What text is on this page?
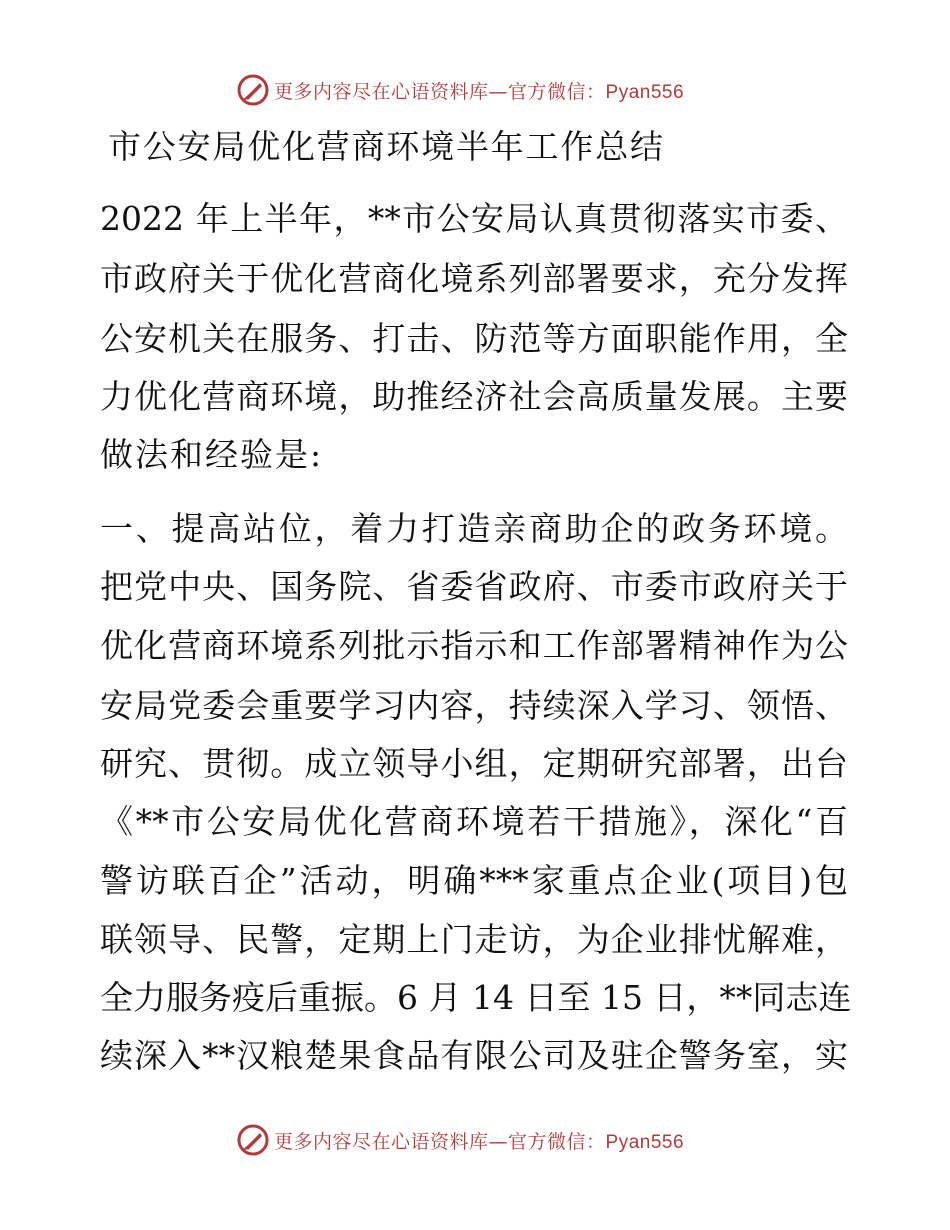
更多内容尽在心语资料库—官方微信：Pyan556
市公安局优化营商环境半年工作总结

2022 年上半年，**市公安局认真贯彻落实市委、

市政府关于优化营商化境系列部署要求，充分发挥

公安机关在服务、打击、防范等方面职能作用，全

力优化营商环境，助推经济社会高质量发展。主要

做法和经验是:

一、提高站位，着力打造亲商助企的政务环境。

把党中央、国务院、省委省政府、市委市政府关于

优化营商环境系列批示指示和工作部署精神作为公

安局党委会重要学习内容，持续深入学习、领悟、

研究、贯彻。成立领导小组，定期研究部署，出台

《**市公安局优化营商环境若干措施》，深化“百

警访联百企”活动，明确***家重点企业(项目)包

联领导、民警，定期上门走访，为企业排忧解难，

全力服务疫后重振。6 月 14 日至 15 日，**同志连

续深入**汉粮楚果食品有限公司及驻企警务室，实

更多内容尽在心语资料库—官方微信：Pyan556
